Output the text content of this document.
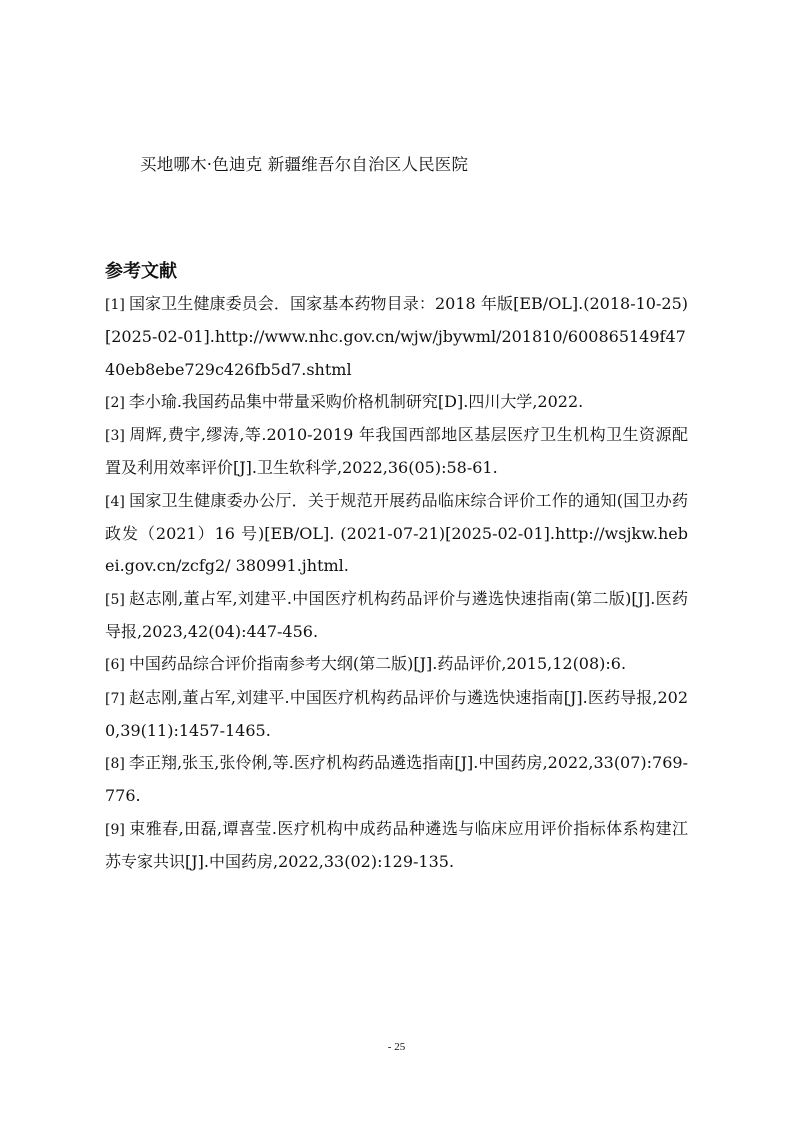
买地哪木·色迪克 新疆维吾尔自治区人民医院
参考文献
[1] 国家卫生健康委员会．国家基本药物目录：2018 年版[EB/OL].(2018-10-25)[2025-02-01].http://www.nhc.gov.cn/wjw/jbywml/201810/600865149f4740eb8ebe729c426fb5d7.shtml
[2] 李小瑜.我国药品集中带量采购价格机制研究[D].四川大学,2022.
[3] 周辉,费宇,缪涛,等.2010-2019 年我国西部地区基层医疗卫生机构卫生资源配置及利用效率评价[J].卫生软科学,2022,36(05):58-61.
[4] 国家卫生健康委办公厅．关于规范开展药品临床综合评价工作的通知(国卫办药政发（2021）16 号)[EB/OL]. (2021-07-21)[2025-02-01].http://wsjkw.hebei.gov.cn/zcfg2/ 380991.jhtml.
[5] 赵志刚,董占军,刘建平.中国医疗机构药品评价与遴选快速指南(第二版)[J].医药导报,2023,42(04):447-456.
[6] 中国药品综合评价指南参考大纲(第二版)[J].药品评价,2015,12(08):6.
[7] 赵志刚,董占军,刘建平.中国医疗机构药品评价与遴选快速指南[J].医药导报,2020,39(11):1457-1465.
[8] 李正翔,张玉,张伶俐,等.医疗机构药品遴选指南[J].中国药房,2022,33(07):769-776.
[9] 束雅春,田磊,谭喜莹.医疗机构中成药品种遴选与临床应用评价指标体系构建江苏专家共识[J].中国药房,2022,33(02):129-135.
- 25
